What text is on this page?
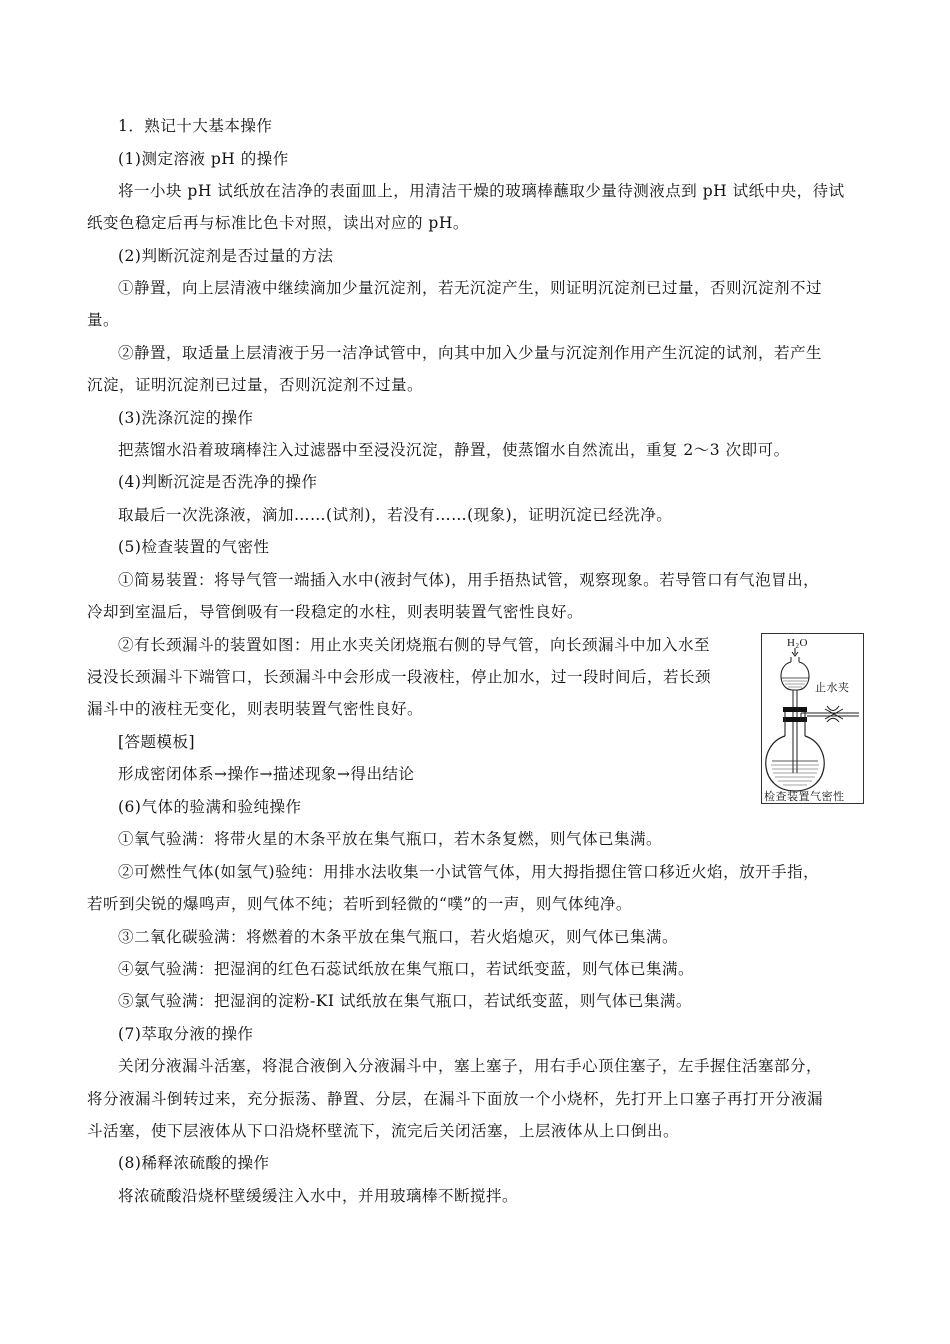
1．熟记十大基本操作
(1)测定溶液 pH 的操作
将一小块 pH 试纸放在洁净的表面皿上，用清洁干燥的玻璃棒蘸取少量待测液点到 pH 试纸中央，待试
纸变色稳定后再与标准比色卡对照，读出对应的 pH。
(2)判断沉淀剂是否过量的方法
①静置，向上层清液中继续滴加少量沉淀剂，若无沉淀产生，则证明沉淀剂已过量，否则沉淀剂不过
量。
②静置，取适量上层清液于另一洁净试管中，向其中加入少量与沉淀剂作用产生沉淀的试剂，若产生
沉淀，证明沉淀剂已过量，否则沉淀剂不过量。
(3)洗涤沉淀的操作
把蒸馏水沿着玻璃棒注入过滤器中至浸没沉淀，静置，使蒸馏水自然流出，重复 2～3 次即可。
(4)判断沉淀是否洗净的操作
取最后一次洗涤液，滴加……(试剂)，若没有……(现象)，证明沉淀已经洗净。
(5)检查装置的气密性
①简易装置：将导气管一端插入水中(液封气体)，用手捂热试管，观察现象。若导管口有气泡冒出，
冷却到室温后，导管倒吸有一段稳定的水柱，则表明装置气密性良好。
②有长颈漏斗的装置如图：用止水夹关闭烧瓶右侧的导气管，向长颈漏斗中加入水至
浸没长颈漏斗下端管口，长颈漏斗中会形成一段液柱，停止加水，过一段时间后，若长颈
漏斗中的液柱无变化，则表明装置气密性良好。
[答题模板]
形成密闭体系→操作→描述现象→得出结论
H2O
止水夹
检查装置气密性
(6)气体的验满和验纯操作
①氧气验满：将带火星的木条平放在集气瓶口，若木条复燃，则气体已集满。
②可燃性气体(如氢气)验纯：用排水法收集一小试管气体，用大拇指摁住管口移近火焰，放开手指，
若听到尖锐的爆鸣声，则气体不纯；若听到轻微的“噗”的一声，则气体纯净。
③二氧化碳验满：将燃着的木条平放在集气瓶口，若火焰熄灭，则气体已集满。
④氨气验满：把湿润的红色石蕊试纸放在集气瓶口，若试纸变蓝，则气体已集满。
⑤氯气验满：把湿润的淀粉-KI 试纸放在集气瓶口，若试纸变蓝，则气体已集满。
(7)萃取分液的操作
关闭分液漏斗活塞，将混合液倒入分液漏斗中，塞上塞子，用右手心顶住塞子，左手握住活塞部分，
将分液漏斗倒转过来，充分振荡、静置、分层，在漏斗下面放一个小烧杯，先打开上口塞子再打开分液漏
斗活塞，使下层液体从下口沿烧杯壁流下，流完后关闭活塞，上层液体从上口倒出。
(8)稀释浓硫酸的操作
将浓硫酸沿烧杯壁缓缓注入水中，并用玻璃棒不断搅拌。
